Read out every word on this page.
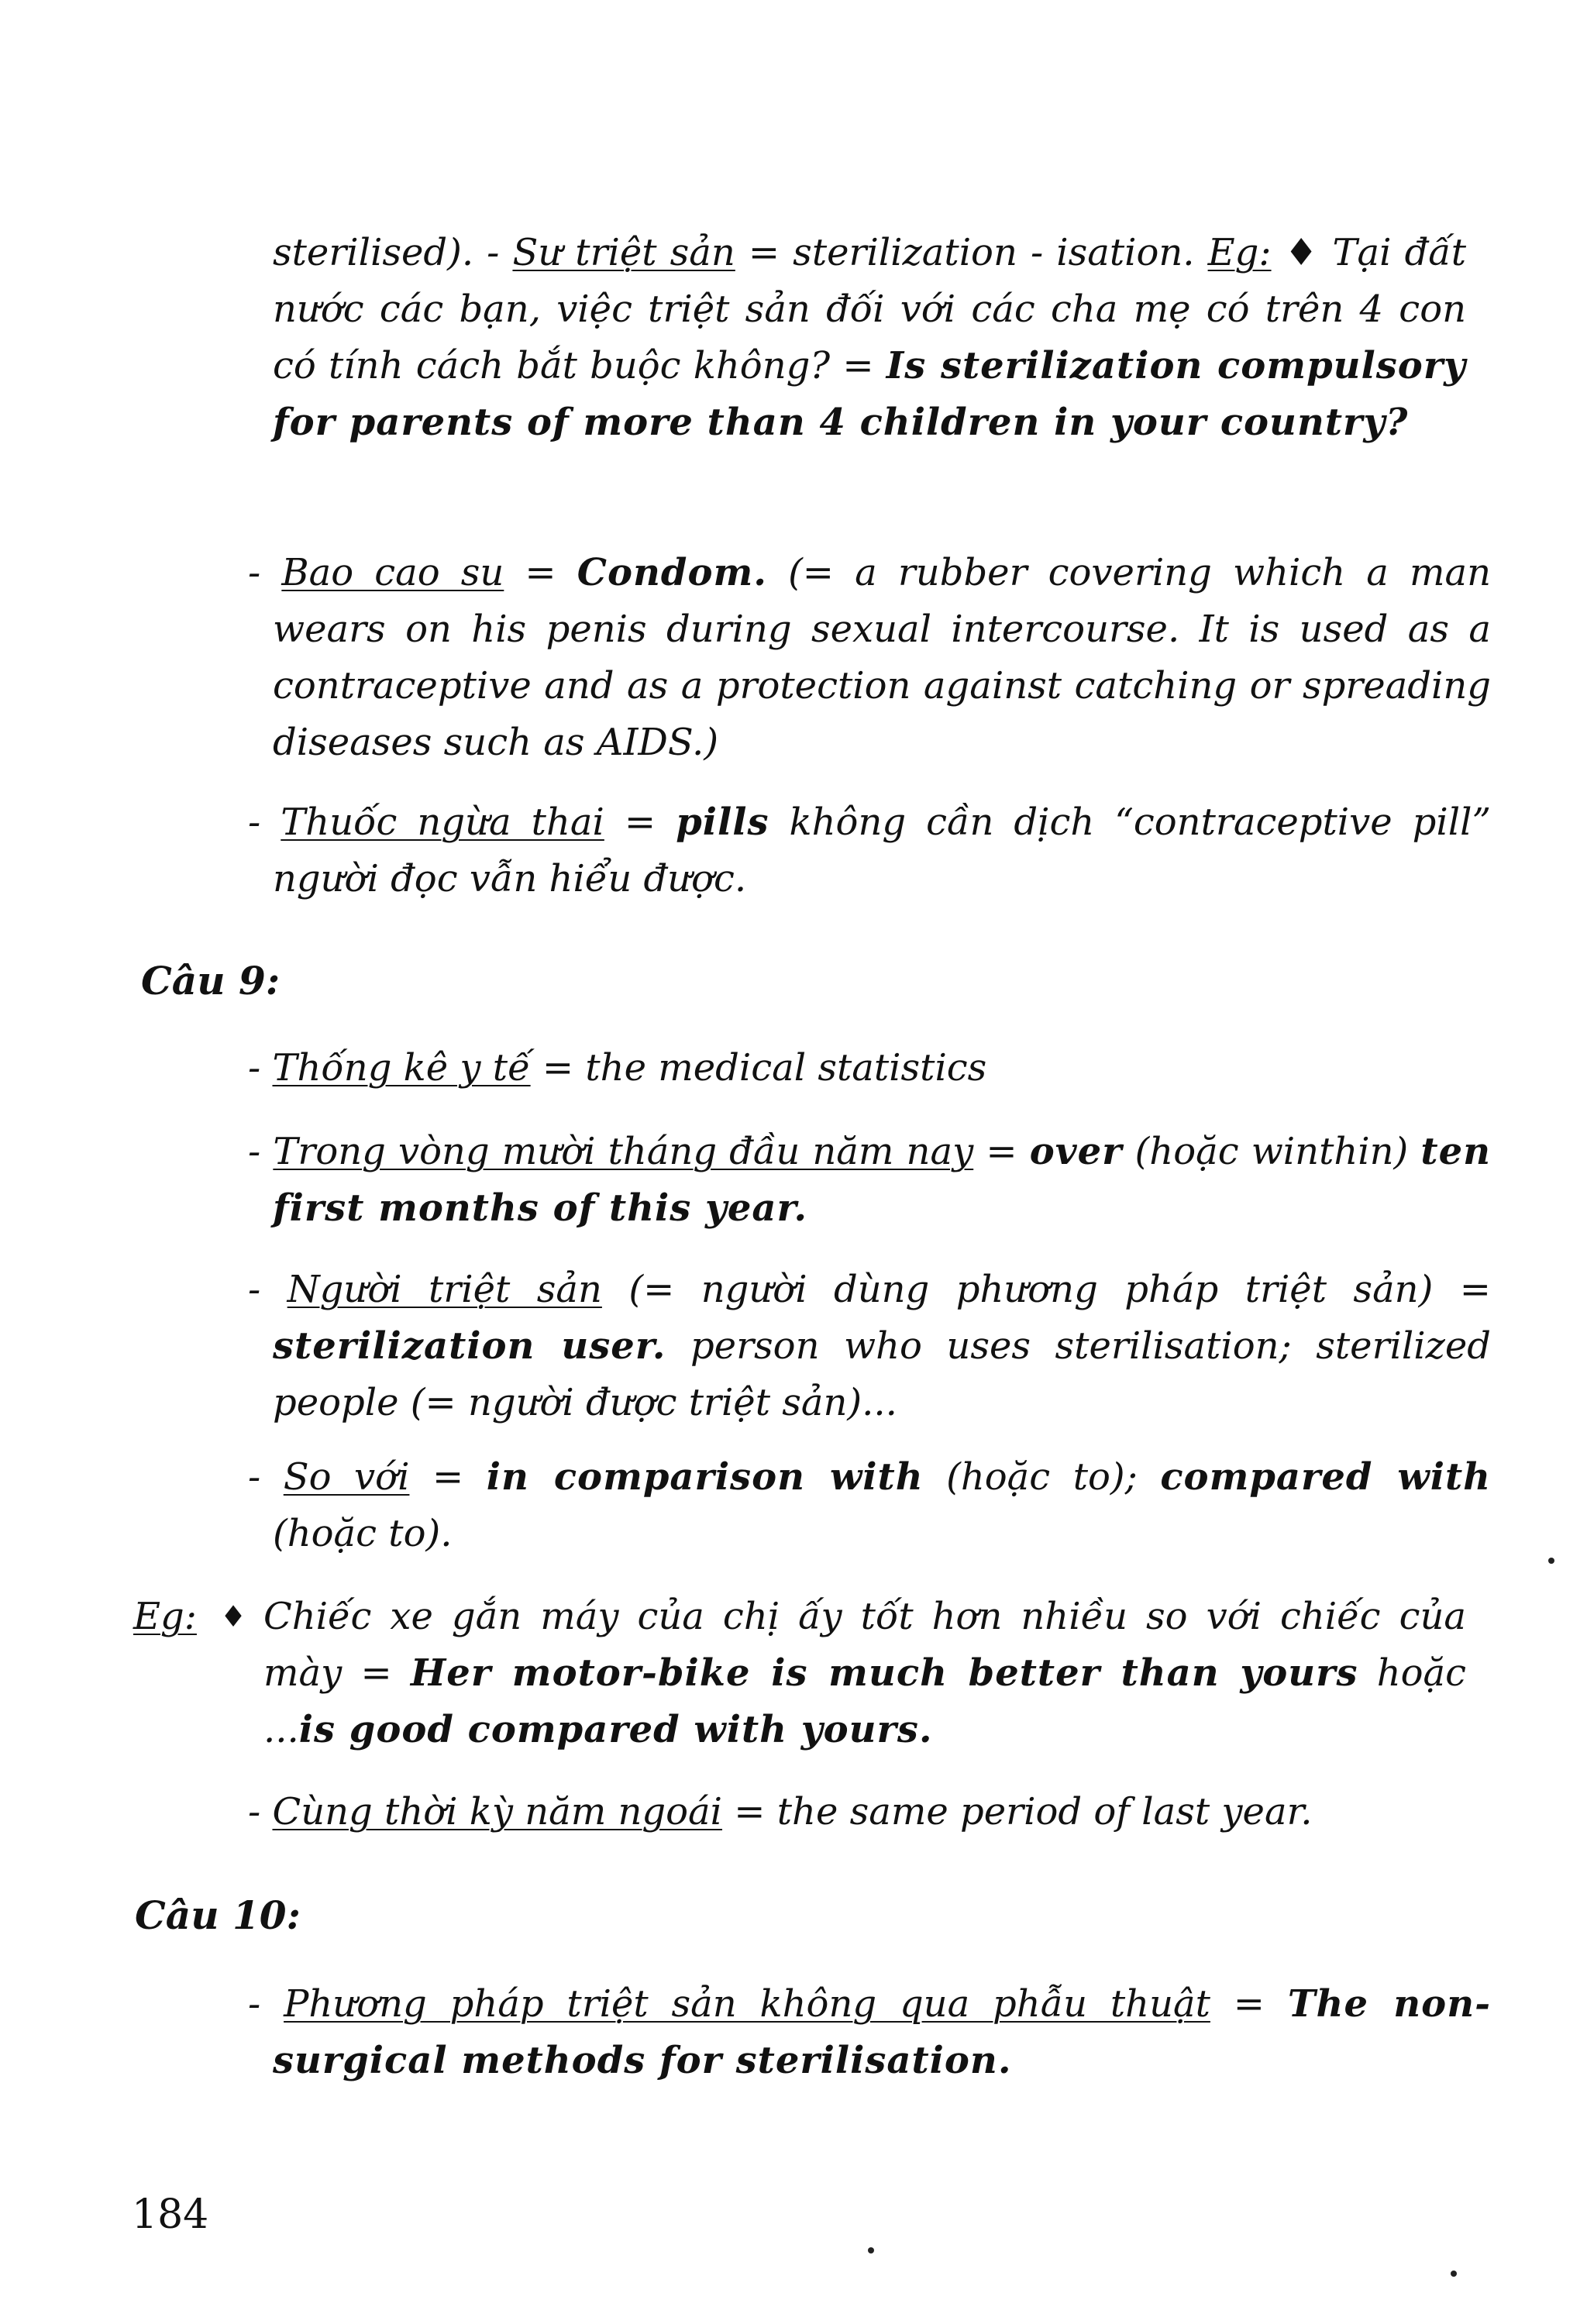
sterilised). - Sư triệt sản = sterilization - isation. Eg: ♦ Tại đất nước các bạn, việc triệt sản đối với các cha mẹ có trên 4 con có tính cách bắt buộc không? = Is sterilization compulsory for parents of more than 4 children in your country?

- Bao cao su = Condom. (= a rubber covering which a man wears on his penis during sexual intercourse. It is used as a contraceptive and as a protection against catching or spreading diseases such as AIDS.)

- Thuốc ngừa thai = pills không cần dịch “contraceptive pill” người đọc vẫn hiểu được.

Câu 9:

- Thống kê y tế = the medical statistics

- Trong vòng mười tháng đầu năm nay = over (hoặc winthin) ten first months of this year.

- Người triệt sản (= người dùng phương pháp triệt sản) = sterilization user. person who uses sterilisation; sterilized people (= người được triệt sản)...

- So với = in comparison with (hoặc to); compared with (hoặc to).

Eg: ♦ Chiếc xe gắn máy của chị ấy tốt hơn nhiều so với chiếc của mày = Her motor-bike is much better than yours hoặc ...is good compared with yours.

- Cùng thời kỳ năm ngoái = the same period of last year.

Câu 10:

- Phương pháp triệt sản không qua phẫu thuật = The non-surgical methods for sterilisation.

184
